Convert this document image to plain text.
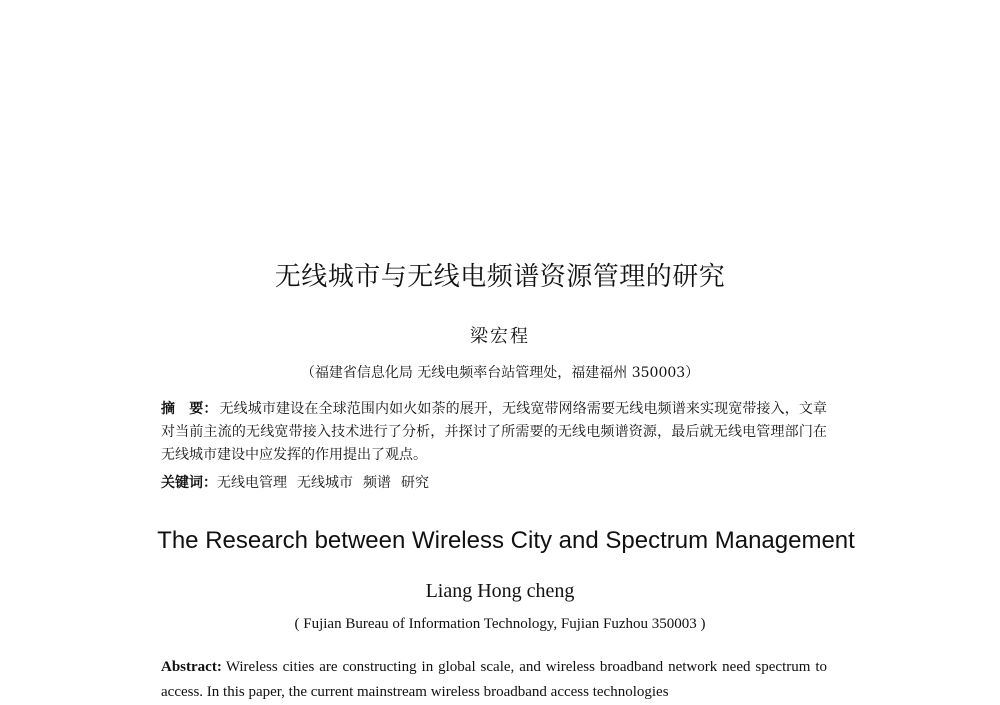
无线城市与无线电频谱资源管理的研究
梁宏程
（福建省信息化局 无线电频率台站管理处，福建福州 350003）
摘　要： 无线城市建设在全球范围内如火如荼的展开，无线宽带网络需要无线电频谱来实现宽带接入，文章对当前主流的无线宽带接入技术进行了分析，并探讨了所需要的无线电频谱资源，最后就无线电管理部门在无线城市建设中应发挥的作用提出了观点。
关键词：无线电管理 无线城市 频谱 研究
The Research between Wireless City and Spectrum Management
Liang Hong cheng
( Fujian Bureau of Information Technology, Fujian Fuzhou 350003 )
Abstract: Wireless cities are constructing in global scale, and wireless broadband network need spectrum to access. In this paper, the current mainstream wireless broadband access technologies
